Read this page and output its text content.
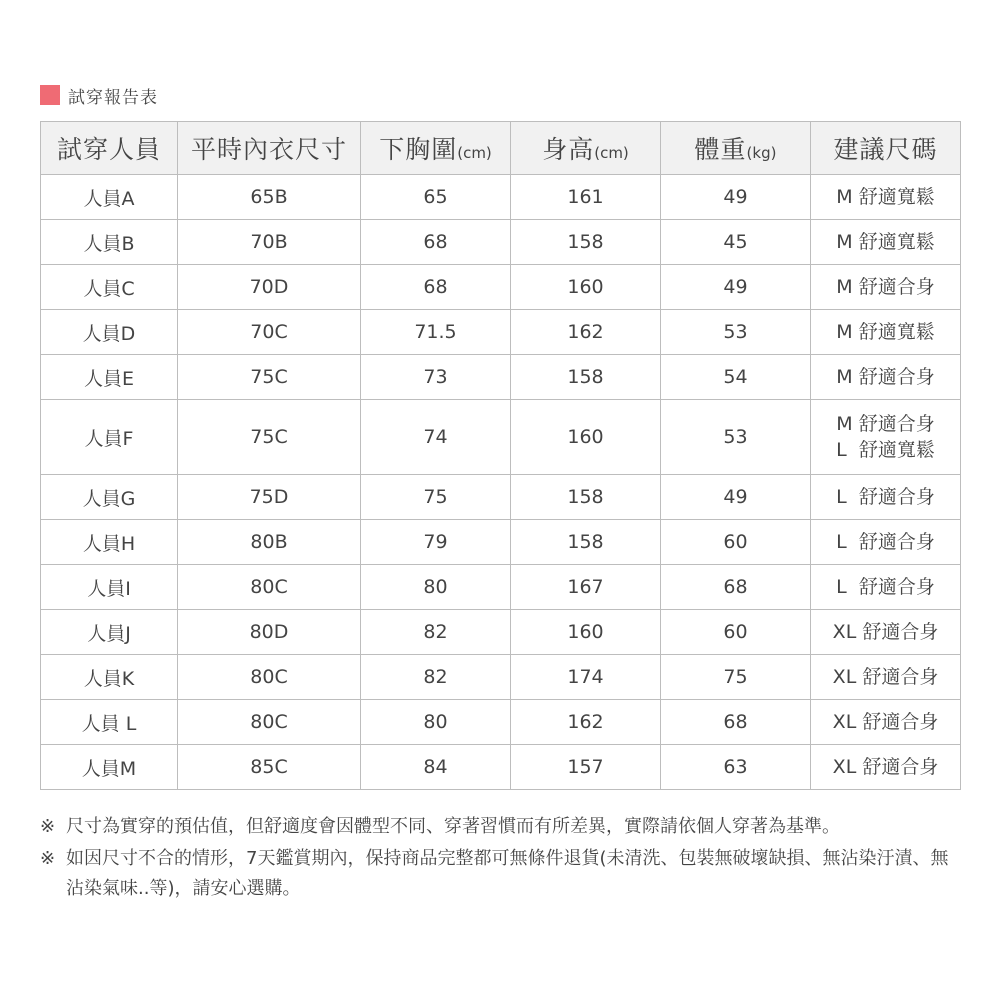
試穿報告表
試穿人員	平時內衣尺寸	下胸圍(cm)	身高(cm)	體重(kg)	建議尺碼
人員A	65B	65	161	49	M 舒適寬鬆

人員B	70B	68	158	45	M 舒適寬鬆

人員C	70D	68	160	49	M 舒適合身

人員D	70C	71.5	162	53	M 舒適寬鬆

人員E	75C	73	158	54	M 舒適合身

人員F	75C	74	160	53	M 舒適合身
L  舒適寬鬆

人員G	75D	75	158	49	L  舒適合身

人員H	80B	79	158	60	L  舒適合身

人員I	80C	80	167	68	L  舒適合身

人員J	80D	82	160	60	XL 舒適合身

人員K	80C	82	174	75	XL 舒適合身

人員 L	80C	80	162	68	XL 舒適合身

人員M	85C	84	157	63	XL 舒適合身
※ 尺寸為實穿的預估值，但舒適度會因體型不同、穿著習慣而有所差異，實際請依個人穿著為基準。
※ 如因尺寸不合的情形，7天鑑賞期內，保持商品完整都可無條件退貨(未清洗、包裝無破壞缺損、無沾染汙漬、無沾染氣味..等)，請安心選購。
